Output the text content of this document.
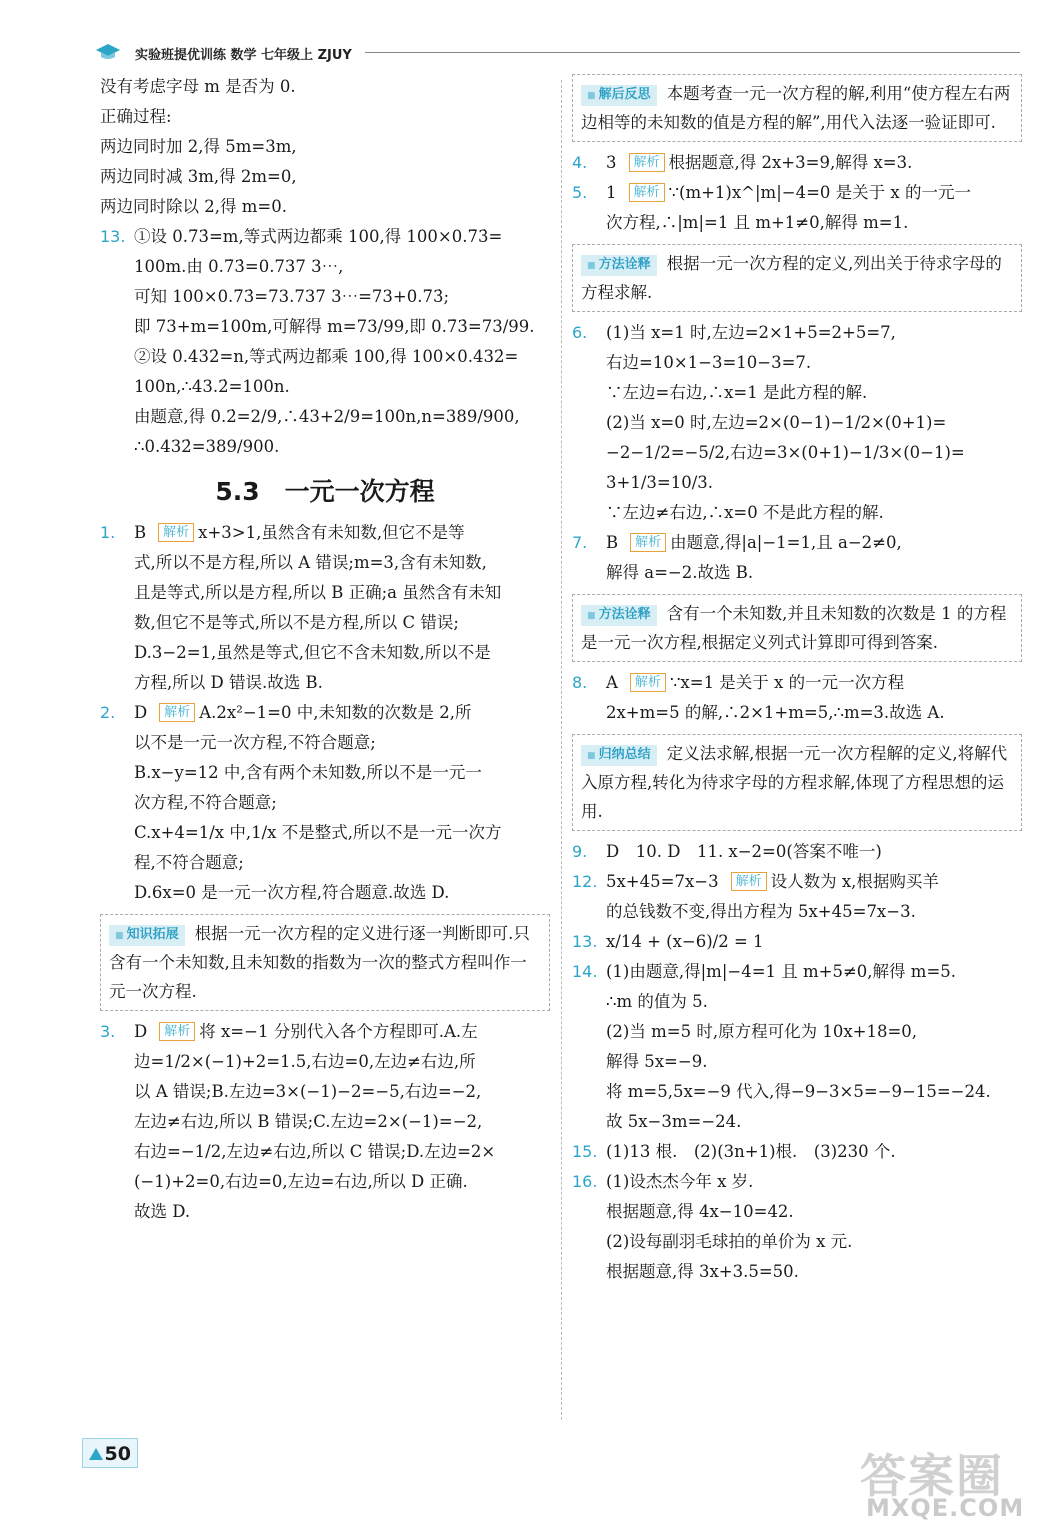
实验班提优训练 数学 七年级上 ZJUY
没有考虑字母 m 是否为 0.
正确过程:
两边同时加 2,得 5m=3m,
两边同时减 3m,得 2m=0,
两边同时除以 2,得 m=0.
13. ①设 0.7̇3̇=m,等式两边都乘 100,得 100×0.7̇3̇=
100m.由 0.7̇3̇=0.737 3⋯,
可知 100×0.7̇3̇=73.737 3⋯=73+0.7̇3̇;
即 73+m=100m,可解得 m=73/99,即 0.7̇3̇=73/99.
②设 0.432̇=n,等式两边都乘 100,得 100×0.432̇=
100n,∴43.2̇=100n.
由题意,得 0.2̇=2/9,∴43+2/9=100n,n=389/900,
∴0.432̇=389/900.
5.3　一元一次方程
1. B 解析 x+3>1,虽然含有未知数,但它不是等
式,所以不是方程,所以 A 错误;m=3,含有未知数,
且是等式,所以是方程,所以 B 正确;a 虽然含有未知
数,但它不是等式,所以不是方程,所以 C 错误;
D.3−2=1,虽然是等式,但它不含未知数,所以不是
方程,所以 D 错误.故选 B.
2. D 解析 A.2x²−1=0 中,未知数的次数是 2,所
以不是一元一次方程,不符合题意;
B.x−y=12 中,含有两个未知数,所以不是一元一
次方程,不符合题意;
C.x+4=1/x 中,1/x 不是整式,所以不是一元一次方
程,不符合题意;
D.6x=0 是一元一次方程,符合题意.故选 D.
■ 知识拓展 根据一元一次方程的定义进行逐一判断即可.只含有一个未知数,且未知数的指数为一次的整式方程叫作一元一次方程.
3. D 解析 将 x=−1 分别代入各个方程即可.A.左
边=1/2×(−1)+2=1.5,右边=0,左边≠右边,所
以 A 错误;B.左边=3×(−1)−2=−5,右边=−2,
左边≠右边,所以 B 错误;C.左边=2×(−1)=−2,
右边=−1/2,左边≠右边,所以 C 错误;D.左边=2×
(−1)+2=0,右边=0,左边=右边,所以 D 正确.
故选 D.
■ 解后反思 本题考查一元一次方程的解,利用“使方程左右两边相等的未知数的值是方程的解”,用代入法逐一验证即可.
4. 3 解析 根据题意,得 2x+3=9,解得 x=3.
5. 1 解析 ∵(m+1)x^|m|−4=0 是关于 x 的一元一
次方程,∴|m|=1 且 m+1≠0,解得 m=1.
■ 方法诠释 根据一元一次方程的定义,列出关于待求字母的方程求解.
6. (1)当 x=1 时,左边=2×1+5=2+5=7,
右边=10×1−3=10−3=7.
∵左边=右边,∴x=1 是此方程的解.
(2)当 x=0 时,左边=2×(0−1)−1/2×(0+1)=
−2−1/2=−5/2,右边=3×(0+1)−1/3×(0−1)=
3+1/3=10/3.
∵左边≠右边,∴x=0 不是此方程的解.
7. B 解析 由题意,得|a|−1=1,且 a−2≠0,
解得 a=−2.故选 B.
■ 方法诠释 含有一个未知数,并且未知数的次数是 1 的方程是一元一次方程,根据定义列式计算即可得到答案.
8. A 解析 ∵x=1 是关于 x 的一元一次方程
2x+m=5 的解,∴2×1+m=5,∴m=3.故选 A.
■ 归纳总结 定义法求解,根据一元一次方程解的定义,将解代入原方程,转化为待求字母的方程求解,体现了方程思想的运用.
9. D　10. D　11. x−2=0(答案不唯一)
12. 5x+45=7x−3 解析 设人数为 x,根据购买羊
的总钱数不变,得出方程为 5x+45=7x−3.
13. x/14 + (x−6)/2 = 1
14. (1)由题意,得|m|−4=1 且 m+5≠0,解得 m=5.
∴m 的值为 5.
(2)当 m=5 时,原方程可化为 10x+18=0,
解得 5x=−9.
将 m=5,5x=−9 代入,得−9−3×5=−9−15=−24.
故 5x−3m=−24.
15. (1)13 根.　(2)(3n+1)根.　(3)230 个.
16. (1)设杰杰今年 x 岁.
根据题意,得 4x−10=42.
(2)设每副羽毛球拍的单价为 x 元.
根据题意,得 3x+3.5=50.
50	答案圈
MXQE.COM
